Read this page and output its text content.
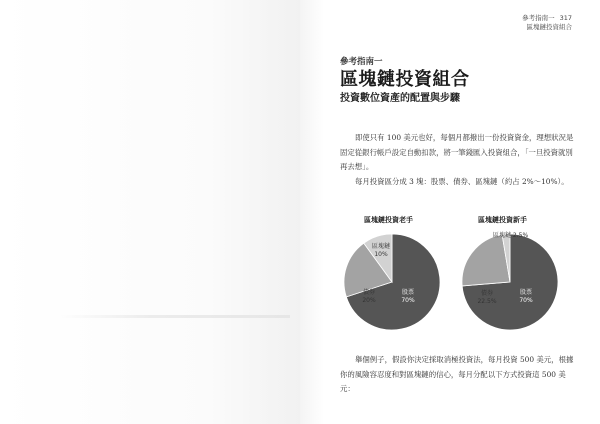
參考指南一 317
區塊鏈投資組合
參考指南一
區塊鏈投資組合
投資數位資產的配置與步驟

即使只有 100 美元也好，每個月都撥出一份投資資金，理想狀況是固定從銀行帳戶設定自動扣款，將一筆錢匯入投資組合，「一旦投資就別再去想」。

每月投資區分成 3 塊：股票、債券、區塊鏈（約占 2%～10%）。

區塊鏈投資老手	區塊鏈投資新手
股票
70%
債券
20%
區塊鏈
10%
股票
70%
債券
22.5%
區塊鏈 2.5%

舉個例子，假設你決定採取消極投資法，每月投資 500 美元，根據你的風險容忍度和對區塊鏈的信心，每月分配以下方式投資這 500 美元：
